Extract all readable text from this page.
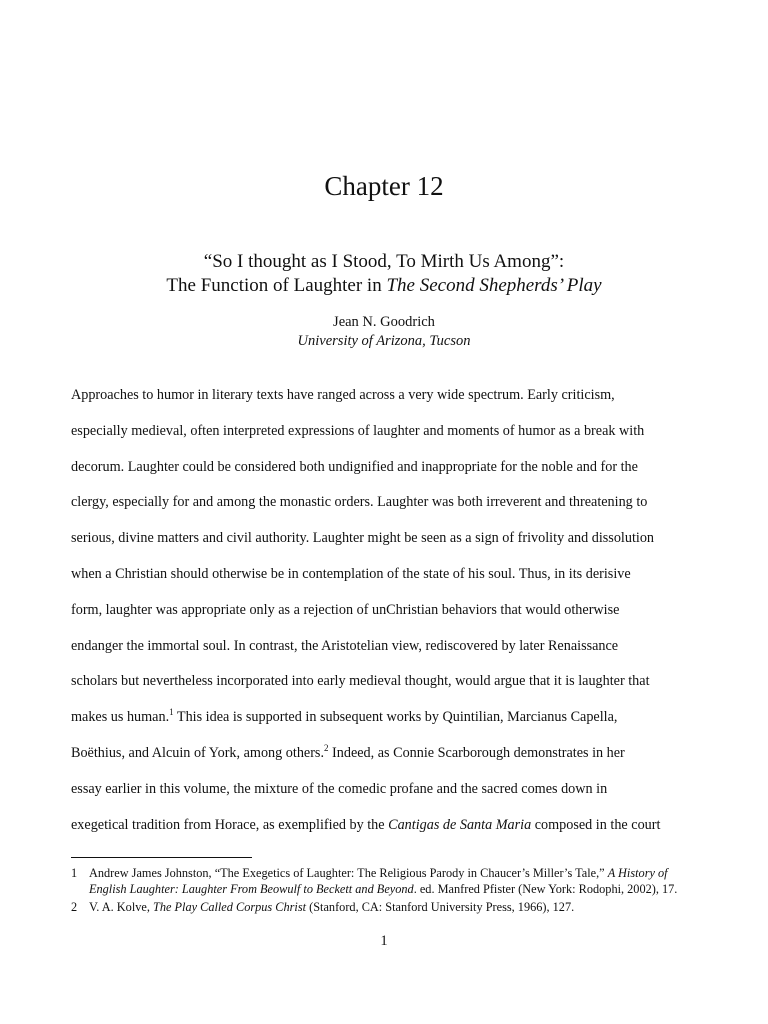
Chapter 12
“So I thought as I Stood, To Mirth Us Among”:
The Function of Laughter in The Second Shepherds’ Play
Jean N. Goodrich
University of Arizona, Tucson
Approaches to humor in literary texts have ranged across a very wide spectrum. Early criticism,
especially medieval, often interpreted expressions of laughter and moments of humor as a break with
decorum. Laughter could be considered both undignified and inappropriate for the noble and for the
clergy, especially for and among the monastic orders. Laughter was both irreverent and threatening to
serious, divine matters and civil authority. Laughter might be seen as a sign of frivolity and dissolution
when a Christian should otherwise be in contemplation of the state of his soul. Thus, in its derisive
form, laughter was appropriate only as a rejection of unChristian behaviors that would otherwise
endanger the immortal soul. In contrast, the Aristotelian view, rediscovered by later Renaissance
scholars but nevertheless incorporated into early medieval thought, would argue that it is laughter that
makes us human.$^1$ This idea is supported in subsequent works by Quintilian, Marcianus Capella,
Boëthius, and Alcuin of York, among others.$^2$ Indeed, as Connie Scarborough demonstrates in her
essay earlier in this volume, the mixture of the comedic profane and the sacred comes down in
exegetical tradition from Horace, as exemplified by the Cantigas de Santa Maria composed in the court
1 Andrew James Johnston, “The Exegetics of Laughter: The Religious Parody in Chaucer’s Miller’s Tale,” A History of
English Laughter: Laughter From Beowulf to Beckett and Beyond. ed. Manfred Pfister (New York: Rodophi, 2002), 17.
2 V. A. Kolve, The Play Called Corpus Christ (Stanford, CA: Stanford University Press, 1966), 127.
1
